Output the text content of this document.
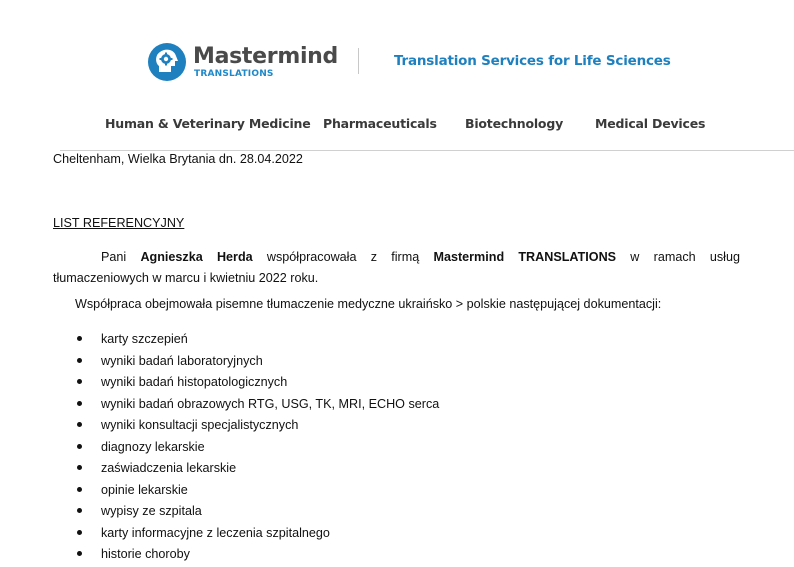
Mastermind
TRANSLATIONS
Translation Services for Life Sciences
Human & Veterinary Medicine Pharmaceuticals Biotechnology	Medical Devices
Cheltenham, Wielka Brytania dn. 28.04.2022
LIST REFERENCYJNY
Pani Agnieszka Herda współpracowała z firmą Mastermind TRANSLATIONS w ramach usług
tłumaczeniowych w marcu i kwietniu 2022 roku.
Współpraca obejmowała pisemne tłumaczenie medyczne ukraińsko > polskie następującej dokumentacji:
karty szczepień
wyniki badań laboratoryjnych
wyniki badań histopatologicznych
wyniki badań obrazowych RTG, USG, TK, MRI, ECHO serca
wyniki konsultacji specjalistycznych
diagnozy lekarskie
zaświadczenia lekarskie
opinie lekarskie
wypisy ze szpitala
karty informacyjne z leczenia szpitalnego
historie choroby
